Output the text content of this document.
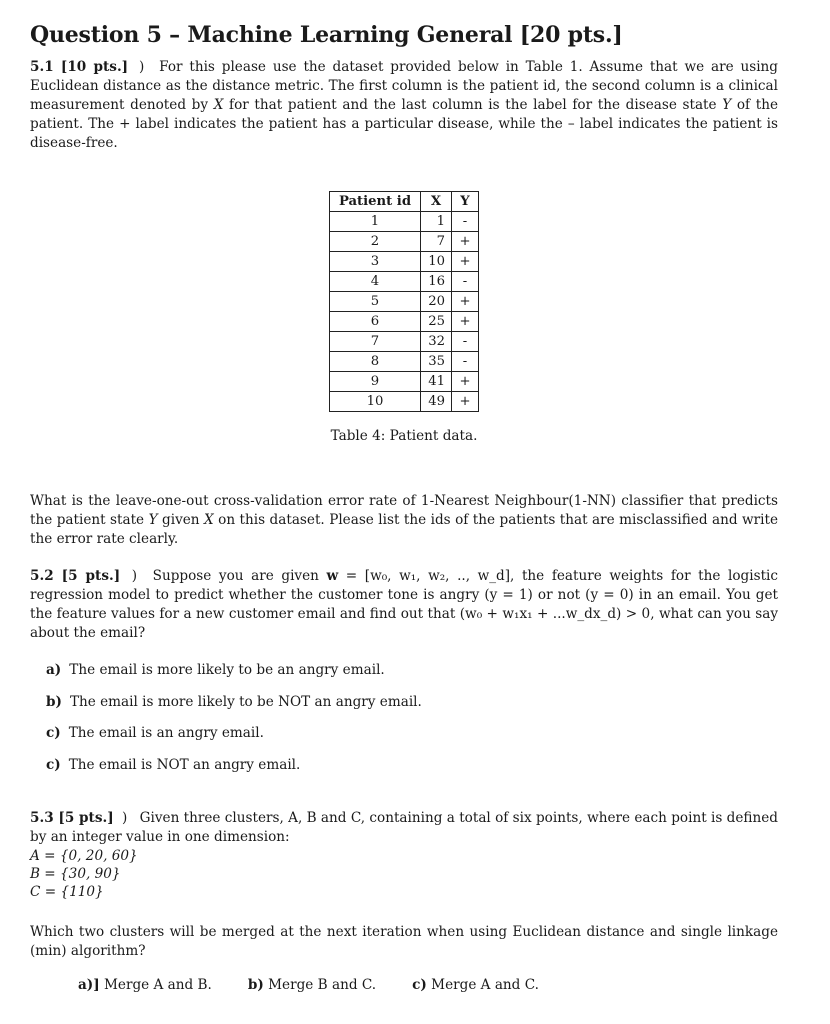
Question 5 – Machine Learning General [20 pts.]

5.1 [10 pts.] ) For this please use the dataset provided below in Table 1. Assume that we are using Euclidean distance as the distance metric. The first column is the patient id, the second column is a clinical measurement denoted by X for that patient and the last column is the label for the disease state Y of the patient. The + label indicates the patient has a particular disease, while the – label indicates the patient is disease-free.

Patient id	X	Y
1	1	-
2	7	+
3	10	+
4	16	-
5	20	+
6	25	+
7	32	-
8	35	-
9	41	+
10	49	+
Table 4: Patient data.

What is the leave-one-out cross-validation error rate of 1-Nearest Neighbour(1-NN) classifier that predicts the patient state Y given X on this dataset. Please list the ids of the patients that are misclassified and write the error rate clearly.

5.2 [5 pts.] ) Suppose you are given w = [w₀, w₁, w₂, .., w_d], the feature weights for the logistic regression model to predict whether the customer tone is angry (y = 1) or not (y = 0) in an email. You get the feature values for a new customer email and find out that (w₀ + w₁x₁ + ...w_dx_d) > 0, what can you say about the email?

a) The email is more likely to be an angry email.
b) The email is more likely to be NOT an angry email.
c) The email is an angry email.
c) The email is NOT an angry email.

5.3 [5 pts.] ) Given three clusters, A, B and C, containing a total of six points, where each point is defined by an integer value in one dimension:

A = {0, 20, 60}
B = {30, 90}
C = {110}

Which two clusters will be merged at the next iteration when using Euclidean distance and single linkage (min) algorithm?

a)] Merge A and B.	b) Merge B and C.	c) Merge A and C.
